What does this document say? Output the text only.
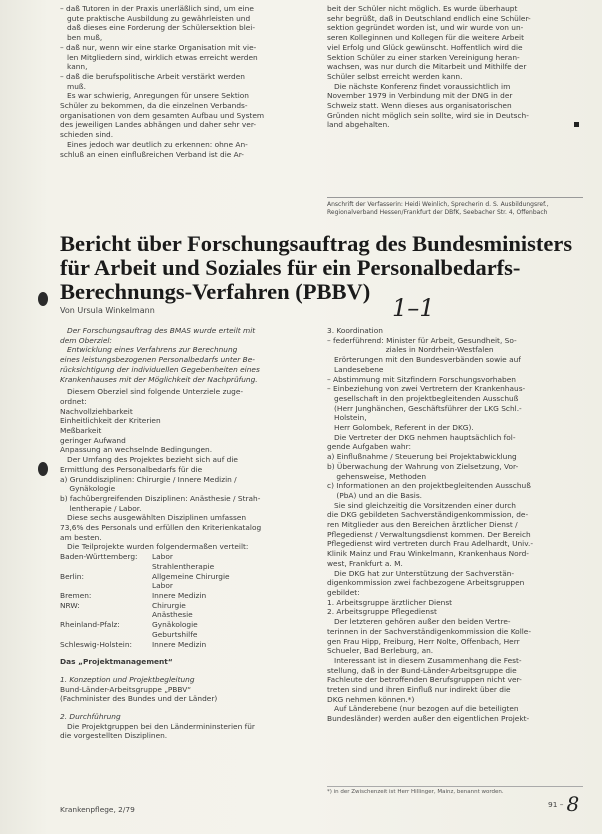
– daß Tutoren in der Praxis unerläßlich sind, um eine

gute praktische Ausbildung zu gewährleisten und

daß dieses eine Forderung der Schülersektion blei-

ben muß,

– daß nur, wenn wir eine starke Organisation mit vie-

len Mitgliedern sind, wirklich etwas erreicht werden

kann,

– daß die berufspolitische Arbeit verstärkt werden

muß.

Es war schwierig, Anregungen für unsere Sektion

Schüler zu bekommen, da die einzelnen Verbands-

organisationen von dem gesamten Aufbau und System

des jeweiligen Landes abhängen und daher sehr ver-

schieden sind.

Eines jedoch war deutlich zu erkennen: ohne An-

schluß an einen einflußreichen Verband ist die Ar-

beit der Schüler nicht möglich. Es wurde überhaupt

sehr begrüßt, daß in Deutschland endlich eine Schüler-

sektion gegründet worden ist, und wir wurde von un-

seren Kolleginnen und Kollegen für die weitere Arbeit

viel Erfolg und Glück gewünscht. Hoffentlich wird die

Sektion Schüler zu einer starken Vereinigung heran-

wachsen, was nur durch die Mitarbeit und Mithilfe der

Schüler selbst erreicht werden kann.

Die nächste Konferenz findet voraussichtlich im

November 1979 in Verbindung mit der DNG in der

Schweiz statt. Wenn dieses aus organisatorischen

Gründen nicht möglich sein sollte, wird sie in Deutsch-

land abgehalten.

Anschrift der Verfasserin: Heidi Weinlich, Sprecherin d. S. Ausbildungsref., Regionalverband Hessen/Frankfurt der DBfK, Seebacher Str. 4, Offenbach
Bericht über Forschungsauftrag des Bundesministers
für Arbeit und Soziales für ein Personalbedarfs-
Berechnungs-Verfahren (PBBV)
Von Ursula Winkelmann	1–1

Der Forschungsauftrag des BMAS wurde erteilt mit

dem Oberziel:

Entwicklung eines Verfahrens zur Berechnung

eines leistungsbezogenen Personalbedarfs unter Be-

rücksichtigung der individuellen Gegebenheiten eines

Krankenhauses mit der Möglichkeit der Nachprüfung.

Diesem Oberziel sind folgende Unterziele zuge-

ordnet:

Nachvollziehbarkeit

Einheitlichkeit der Kriterien

Meßbarkeit

geringer Aufwand

Anpassung an wechselnde Bedingungen.

Der Umfang des Projektes bezieht sich auf die

Ermittlung des Personalbedarfs für die

a) Grunddisziplinen: Chirurgie / Innere Medizin /

Gynäkologie

b) fachübergreifenden Disziplinen: Anästhesie / Strah-

lentherapie / Labor.

Diese sechs ausgewählten Disziplinen umfassen

73,6% des Personals und erfüllen den Kriterienkatalog

am besten.

Die Teilprojekte wurden folgendermaßen verteilt:

Baden-Württemberg:	Labor
Strahlentherapie
Berlin:	Allgemeine Chirurgie
Labor
Bremen:	Innere Medizin
NRW:	Chirurgie
Anästhesie
Rheinland-Pfalz:	Gynäkologie
Geburtshilfe
Schleswig-Holstein:	Innere Medizin

Das „Projektmanagement“

1. Konzeption und Projektbegleitung

Bund-Länder-Arbeitsgruppe „PBBV“

(Fachminister des Bundes und der Länder)

2. Durchführung

Die Projektgruppen bei den Ländermininsterien für

die vorgestellten Disziplinen.

3. Koordination

– federführend: Minister für Arbeit, Gesundheit, So-

ziales in Nordrhein-Westfalen

Erörterungen mit den Bundesverbänden sowie auf

Landesebene

– Abstimmung mit Sitzfindern Forschungsvorhaben

– Einbeziehung von zwei Vertretern der Krankenhaus-

gesellschaft in den projektbegleitenden Ausschuß

(Herr Junghänchen, Geschäftsführer der LKG Schl.-

Holstein,

Herr Golombek, Referent in der DKG).

Die Vertreter der DKG nehmen hauptsächlich fol-

gende Aufgaben wahr:

a) Einflußnahme / Steuerung bei Projektabwicklung

b) Überwachung der Wahrung von Zielsetzung, Vor-

gehensweise, Methoden

c) Informationen an den projektbegleitenden Ausschuß

(PbA) und an die Basis.

Sie sind gleichzeitig die Vorsitzenden einer durch

die DKG gebildeten Sachverständigenkommission, de-

ren Mitglieder aus den Bereichen ärztlicher Dienst /

Pflegedienst / Verwaltungsdienst kommen. Der Bereich

Pflegedienst wird vertreten durch Frau Adelhardt, Univ.-

Klinik Mainz und Frau Winkelmann, Krankenhaus Nord-

west, Frankfurt a. M.

Die DKG hat zur Unterstützung der Sachverstän-

digenkommission zwei fachbezogene Arbeitsgruppen

gebildet:

1. Arbeitsgruppe ärztlicher Dienst

2. Arbeitsgruppe Pflegedienst

Der letzteren gehören außer den beiden Vertre-

terinnen in der Sachverständigenkommission die Kolle-

gen Frau Hipp, Freiburg, Herr Nolte, Offenbach, Herr

Schueler, Bad Berleburg, an.

Interessant ist in diesem Zusammenhang die Fest-

stellung, daß in der Bund-Länder-Arbeitsgruppe die

Fachleute der betroffenden Berufsgruppen nicht ver-

treten sind und ihren Einfluß nur indirekt über die

DKG nehmen können.*)

Auf Länderebene (nur bezogen auf die beteiligten

Bundesländer) werden außer den eigentlichen Projekt-

*) in der Zwischenzeit ist Herr Hillinger, Mainz, benannt worden.
Krankenpflege, 2/79
91 – 8
